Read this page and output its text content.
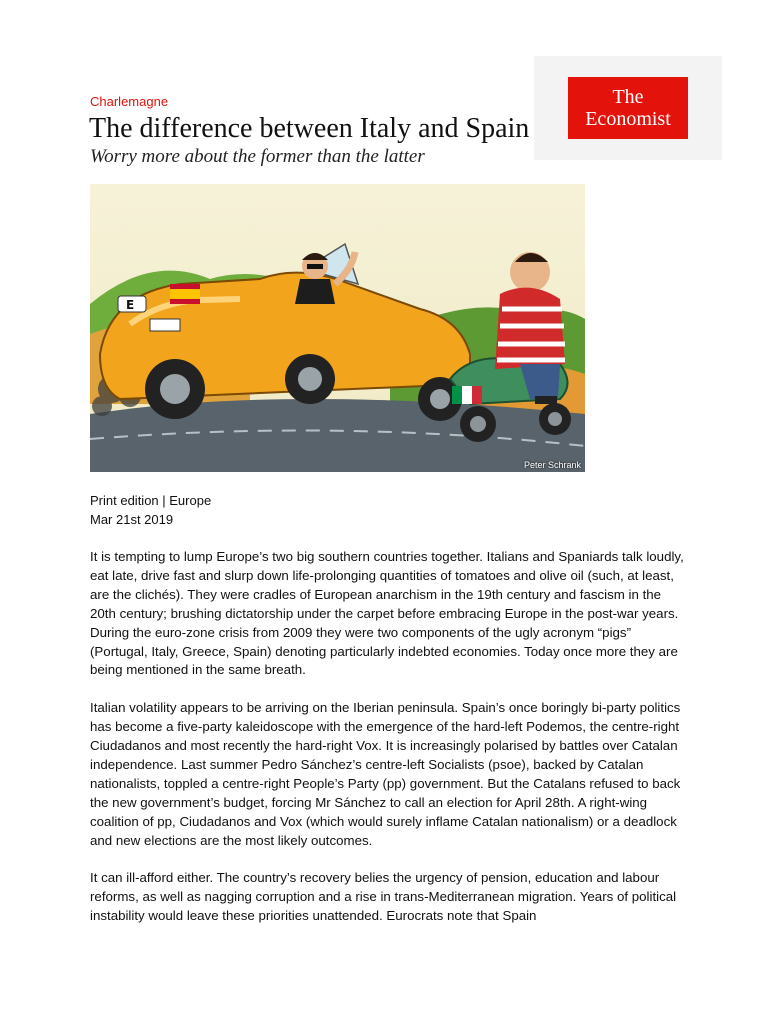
The
Economist
Charlemagne
The difference between Italy and Spain
Worry more about the former than the latter
E
Peter Schrank
Print edition | Europe
Mar 21st 2019

It is tempting to lump Europe’s two big southern countries together. Italians and Spaniards talk loudly, eat late, drive fast and slurp down life-prolonging quantities of tomatoes and olive oil (such, at least, are the clichés). They were cradles of European anarchism in the 19th century and fascism in the 20th century; brushing dictatorship under the carpet before embracing Europe in the post-war years. During the euro-zone crisis from 2009 they were two components of the ugly acronym “pigs” (Portugal, Italy, Greece, Spain) denoting particularly indebted economies. Today once more they are being mentioned in the same breath.

Italian volatility appears to be arriving on the Iberian peninsula. Spain’s once boringly bi-party politics has become a five-party kaleidoscope with the emergence of the hard-left Podemos, the centre-right Ciudadanos and most recently the hard-right Vox. It is increasingly polarised by battles over Catalan independence. Last summer Pedro Sánchez’s centre-left Socialists (psoe), backed by Catalan nationalists, toppled a centre-right People’s Party (pp) government. But the Catalans refused to back the new government’s budget, forcing Mr Sánchez to call an election for April 28th. A right-wing coalition of pp, Ciudadanos and Vox (which would surely inflame Catalan nationalism) or a deadlock and new elections are the most likely outcomes.

It can ill-afford either. The country’s recovery belies the urgency of pension, education and labour reforms, as well as nagging corruption and a rise in trans-Mediterranean migration. Years of political instability would leave these priorities unattended. Eurocrats note that Spain
